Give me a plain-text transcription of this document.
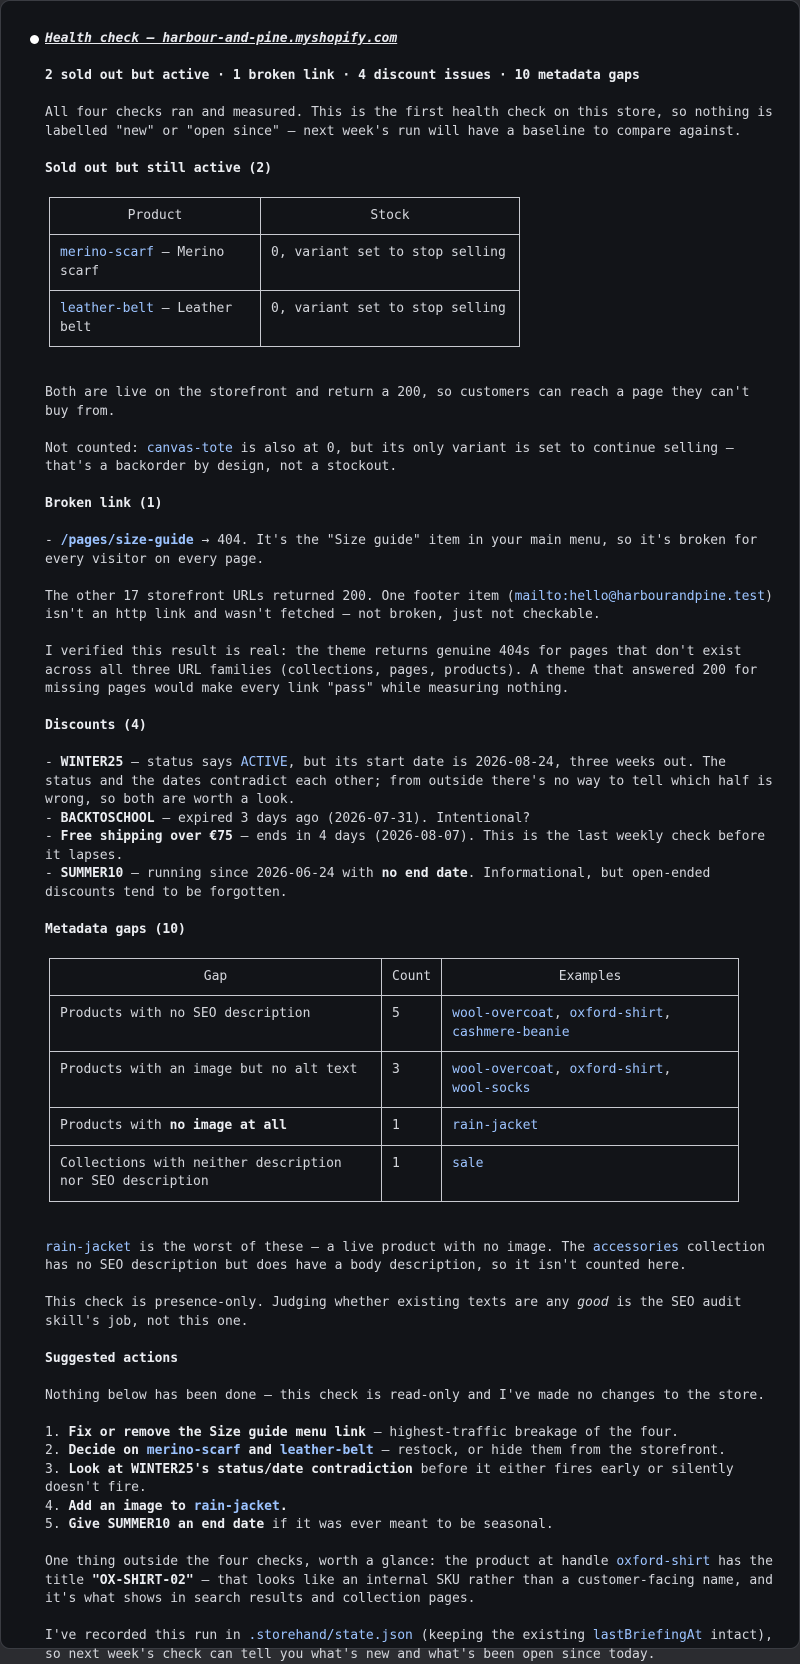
Health check — harbour-and-pine.myshopify.com

2 sold out but active · 1 broken link · 4 discount issues · 10 metadata gaps

All four checks ran and measured. This is the first health check on this store, so nothing is labelled "new" or "open since" — next week's run will have a baseline to compare against.

Sold out but still active (2)

Product	Stock
merino-scarf — Merino scarf	0, variant set to stop selling
leather-belt — Leather belt	0, variant set to stop selling

Both are live on the storefront and return a 200, so customers can reach a page they can't buy from.

Not counted: canvas-tote is also at 0, but its only variant is set to continue selling — that's a backorder by design, not a stockout.

Broken link (1)

- /pages/size-guide → 404. It's the "Size guide" item in your main menu, so it's broken for every visitor on every page.

The other 17 storefront URLs returned 200. One footer item (mailto:hello@harbourandpine.test) isn't an http link and wasn't fetched — not broken, just not checkable.

I verified this result is real: the theme returns genuine 404s for pages that don't exist across all three URL families (collections, pages, products). A theme that answered 200 for missing pages would make every link "pass" while measuring nothing.

Discounts (4)

- WINTER25 — status says ACTIVE, but its start date is 2026-08-24, three weeks out. The status and the dates contradict each other; from outside there's no way to tell which half is wrong, so both are worth a look.

- BACKTOSCHOOL — expired 3 days ago (2026-07-31). Intentional?

- Free shipping over €75 — ends in 4 days (2026-08-07). This is the last weekly check before it lapses.

- SUMMER10 — running since 2026-06-24 with no end date. Informational, but open-ended discounts tend to be forgotten.

Metadata gaps (10)

Gap	Count	Examples
Products with no SEO description	5	wool-overcoat, oxford-shirt,
cashmere-beanie
Products with an image but no alt text	3	wool-overcoat, oxford-shirt,
wool-socks
Products with no image at all	1	rain-jacket
Collections with neither description nor SEO description	1	sale

rain-jacket is the worst of these — a live product with no image. The accessories collection has no SEO description but does have a body description, so it isn't counted here.

This check is presence-only. Judging whether existing texts are any good is the SEO audit skill's job, not this one.

Suggested actions

Nothing below has been done — this check is read-only and I've made no changes to the store.

1. Fix or remove the Size guide menu link — highest-traffic breakage of the four.

2. Decide on merino-scarf and leather-belt — restock, or hide them from the storefront.

3. Look at WINTER25's status/date contradiction before it either fires early or silently doesn't fire.

4. Add an image to rain-jacket.

5. Give SUMMER10 an end date if it was ever meant to be seasonal.

One thing outside the four checks, worth a glance: the product at handle oxford-shirt has the title "OX-SHIRT-02" — that looks like an internal SKU rather than a customer-facing name, and it's what shows in search results and collection pages.

I've recorded this run in .storehand/state.json (keeping the existing lastBriefingAt intact), so next week's check can tell you what's new and what's been open since today.
